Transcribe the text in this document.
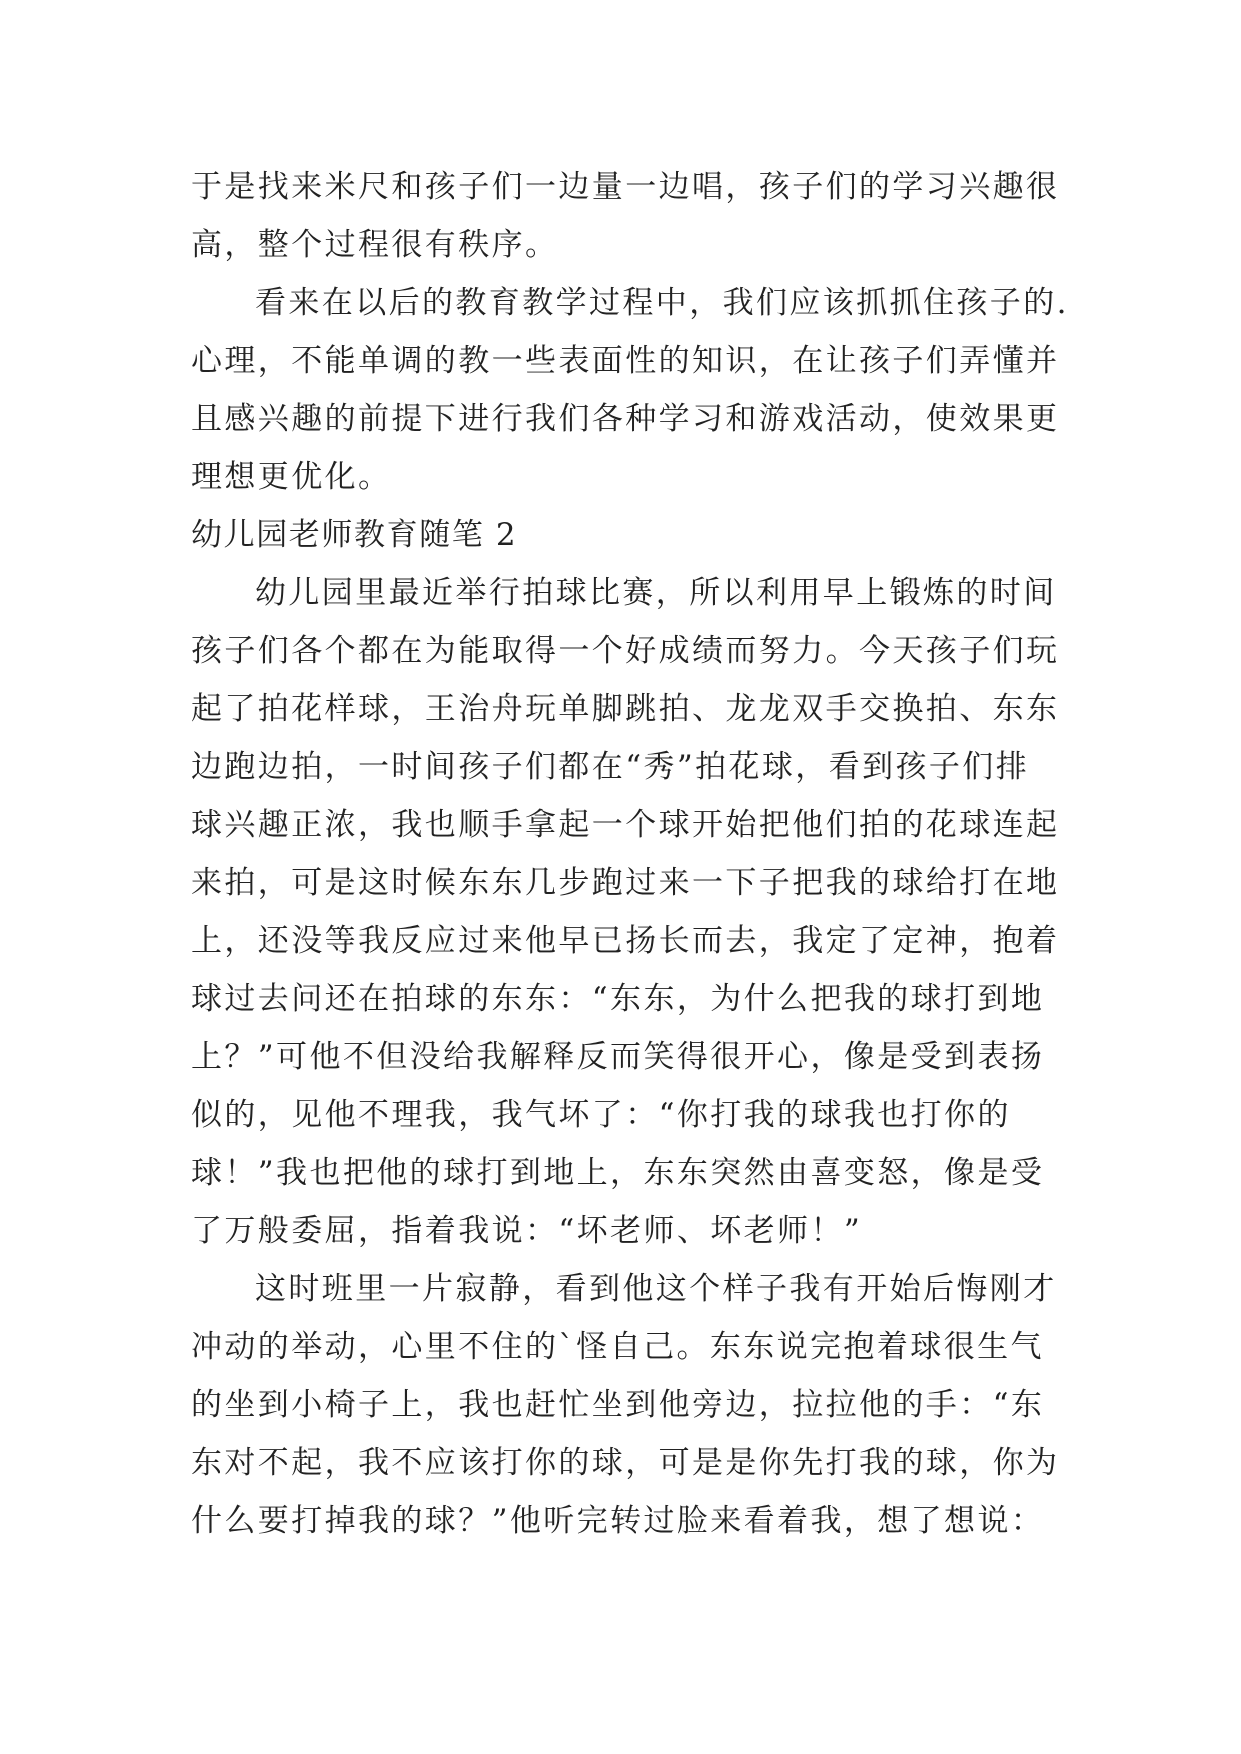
于是找来米尺和孩子们一边量一边唱，孩子们的学习兴趣很

高，整个过程很有秩序。

看来在以后的教育教学过程中，我们应该抓抓住孩子的.

心理，不能单调的教一些表面性的知识，在让孩子们弄懂并

且感兴趣的前提下进行我们各种学习和游戏活动，使效果更

理想更优化。

幼儿园老师教育随笔 2

幼儿园里最近举行拍球比赛，所以利用早上锻炼的时间

孩子们各个都在为能取得一个好成绩而努力。今天孩子们玩

起了拍花样球，王治舟玩单脚跳拍、龙龙双手交换拍、东东

边跑边拍，一时间孩子们都在“秀”拍花球，看到孩子们排

球兴趣正浓，我也顺手拿起一个球开始把他们拍的花球连起

来拍，可是这时候东东几步跑过来一下子把我的球给打在地

上，还没等我反应过来他早已扬长而去，我定了定神，抱着

球过去问还在拍球的东东：“东东，为什么把我的球打到地

上？”可他不但没给我解释反而笑得很开心，像是受到表扬

似的，见他不理我，我气坏了：“你打我的球我也打你的

球！”我也把他的球打到地上，东东突然由喜变怒，像是受

了万般委屈，指着我说：“坏老师、坏老师！”

这时班里一片寂静，看到他这个样子我有开始后悔刚才

冲动的举动，心里不住的`怪自己。东东说完抱着球很生气

的坐到小椅子上，我也赶忙坐到他旁边，拉拉他的手：“东

东对不起，我不应该打你的球，可是是你先打我的球，你为

什么要打掉我的球？”他听完转过脸来看着我，想了想说：
